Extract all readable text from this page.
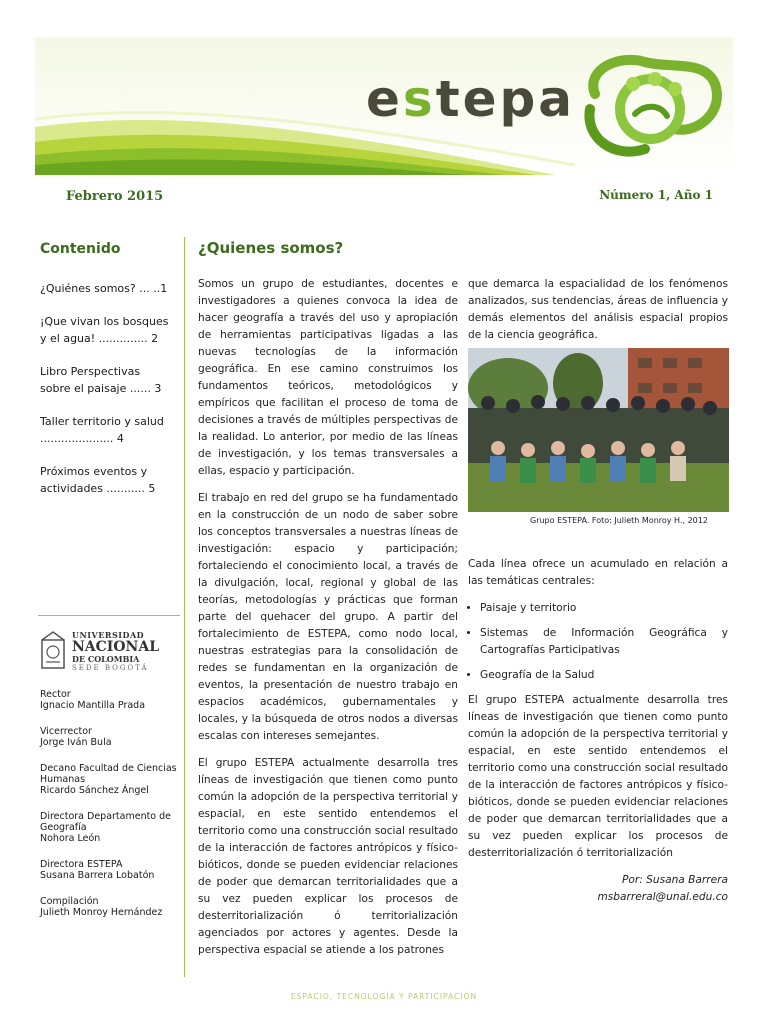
estepa
Febrero 2015	Número 1, Año 1
Contenido
¿Quiénes somos? ... ..1
¡Que vivan los bosques y el agua! .............. 2
Libro Perspectivas sobre el paisaje ...... 3
Taller territorio y salud ..................... 4
Próximos eventos y actividades ........... 5
UNIVERSIDAD
NACIONAL
DE COLOMBIA
SEDE BOGOTÁ
Rector
Ignacio Mantilla Prada
Vicerrector
Jorge Iván Bula
Decano Facultad de Ciencias Humanas
Ricardo Sánchez Ángel
Directora Departamento de Geografía
Nohora León
Directora ESTEPA
Susana Barrera Lobatón
Compilación
Julieth Monroy Hernández
¿Quienes somos?

Somos un grupo de estudiantes, docentes e investigadores a quienes convoca la idea de hacer geografía a través del uso y apropiación de herramientas participativas ligadas a las nuevas tecnologías de la información geográfica. En ese camino construimos los fundamentos teóricos, metodológicos y empíricos que facilitan el proceso de toma de decisiones a través de múltiples perspectivas de la realidad. Lo anterior, por medio de las líneas de investigación, y los temas transversales a ellas, espacio y participación.

El trabajo en red del grupo se ha fundamentado en la construcción de un nodo de saber sobre los conceptos transversales a nuestras líneas de investigación: espacio y participación; fortaleciendo el conocimiento local, a través de la divulgación, local, regional y global de las teorías, metodologías y prácticas que forman parte del quehacer del grupo. A partir del fortalecimiento de ESTEPA, como nodo local, nuestras estrategias para la consolidación de redes se fundamentan en la organización de eventos, la presentación de nuestro trabajo en espacios académicos, gubernamentales y locales, y la búsqueda de otros nodos a diversas escalas con intereses semejantes.

El grupo ESTEPA actualmente desarrolla tres líneas de investigación que tienen como punto común la adopción de la perspectiva territorial y espacial, en este sentido entendemos el territorio como una construcción social resultado de la interacción de factores antrópicos y físico-bióticos, donde se pueden evidenciar relaciones de poder que demarcan territorialidades que a su vez pueden explicar los procesos de desterritorialización ó territorialización agenciados por actores y agentes. Desde la perspectiva espacial se atiende a los patrones

que demarca la espacialidad de los fenómenos analizados, sus tendencias, áreas de influencia y demás elementos del análisis espacial propios de la ciencia geográfica.

Grupo ESTEPA. Foto: Julieth Monroy H., 2012

Cada línea ofrece un acumulado en relación a las temáticas centrales:

• Paisaje y territorio
• Sistemas de Información Geográfica y Cartografías Participativas
• Geografía de la Salud

El grupo ESTEPA actualmente desarrolla tres líneas de investigación que tienen como punto común la adopción de la perspectiva territorial y espacial, en este sentido entendemos el territorio como una construcción social resultado de la interacción de factores antrópicos y físico-bióticos, donde se pueden evidenciar relaciones de poder que demarcan territorialidades que a su vez pueden explicar los procesos de desterritorialización ó territorialización

Por: Susana Barrera

msbarreral@unal.edu.co

ESPACIO, TECNOLOGÍA Y PARTICIPACIÓN
